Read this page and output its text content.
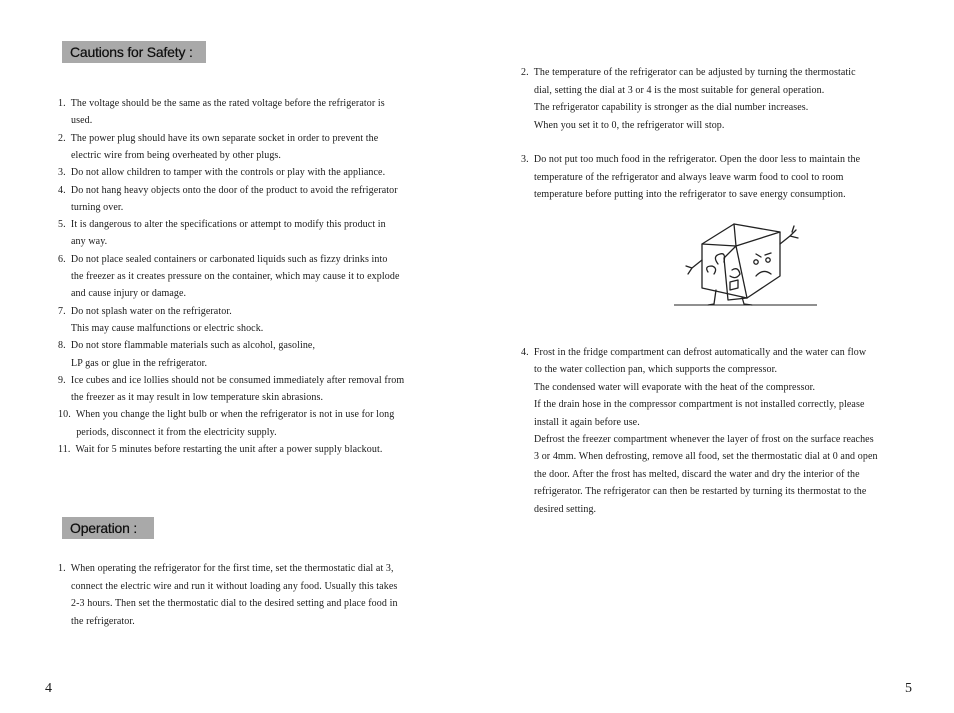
Cautions for Safety :
1.  The voltage should be the same as the rated voltage before the refrigerator is
used.
2.  The power plug should have its own separate socket in order to prevent the
electric wire from being overheated by other plugs.
3.  Do not allow children to tamper with the controls or play with the appliance.
4.  Do not hang heavy objects onto the door of the product to avoid the refrigerator
turning over.
5.  It is dangerous to alter the specifications or attempt to modify this product in
any way.
6.  Do not place sealed containers or carbonated liquids such as fizzy drinks into
the freezer as it creates pressure on the container, which may cause it to explode
and cause injury or damage.
7.  Do not splash water on the refrigerator.
This may cause malfunctions or electric shock.
8.  Do not store flammable materials such as alcohol, gasoline,
LP gas or glue in the refrigerator.
9.  Ice cubes and ice lollies should not be consumed immediately after removal from
the freezer as it may result in low temperature skin abrasions.
10.  When you change the light bulb or when the refrigerator is not in use for long
periods, disconnect it from the electricity supply.
11.  Wait for 5 minutes before restarting the unit after a power supply blackout.
Operation :
1.  When operating the refrigerator for the first time, set the thermostatic dial at 3,
connect the electric wire and run it without loading any food. Usually this takes
2-3 hours. Then set the thermostatic dial to the desired setting and place food in
the refrigerator.
4
2.  The temperature of the refrigerator can be adjusted by turning the thermostatic
dial, setting the dial at 3 or 4 is the most suitable for general operation.
The refrigerator capability is stronger as the dial number increases.
When you set it to 0, the refrigerator will stop.
3.  Do not put too much food in the refrigerator. Open the door less to maintain the
temperature of the refrigerator and always leave warm food to cool to room
temperature before putting into the refrigerator to save energy consumption.
4.  Frost in the fridge compartment can defrost automatically and the water can flow
to the water collection pan, which supports the compressor.
The condensed water will evaporate with the heat of the compressor.
If the drain hose in the compressor compartment is not installed correctly, please
install it again before use.
Defrost the freezer compartment whenever the layer of frost on the surface reaches
3 or 4mm. When defrosting, remove all food, set the thermostatic dial at 0 and open
the door. After the frost has melted, discard the water and dry the interior of the
refrigerator. The refrigerator can then be restarted by turning its thermostat to the
desired setting.
5
